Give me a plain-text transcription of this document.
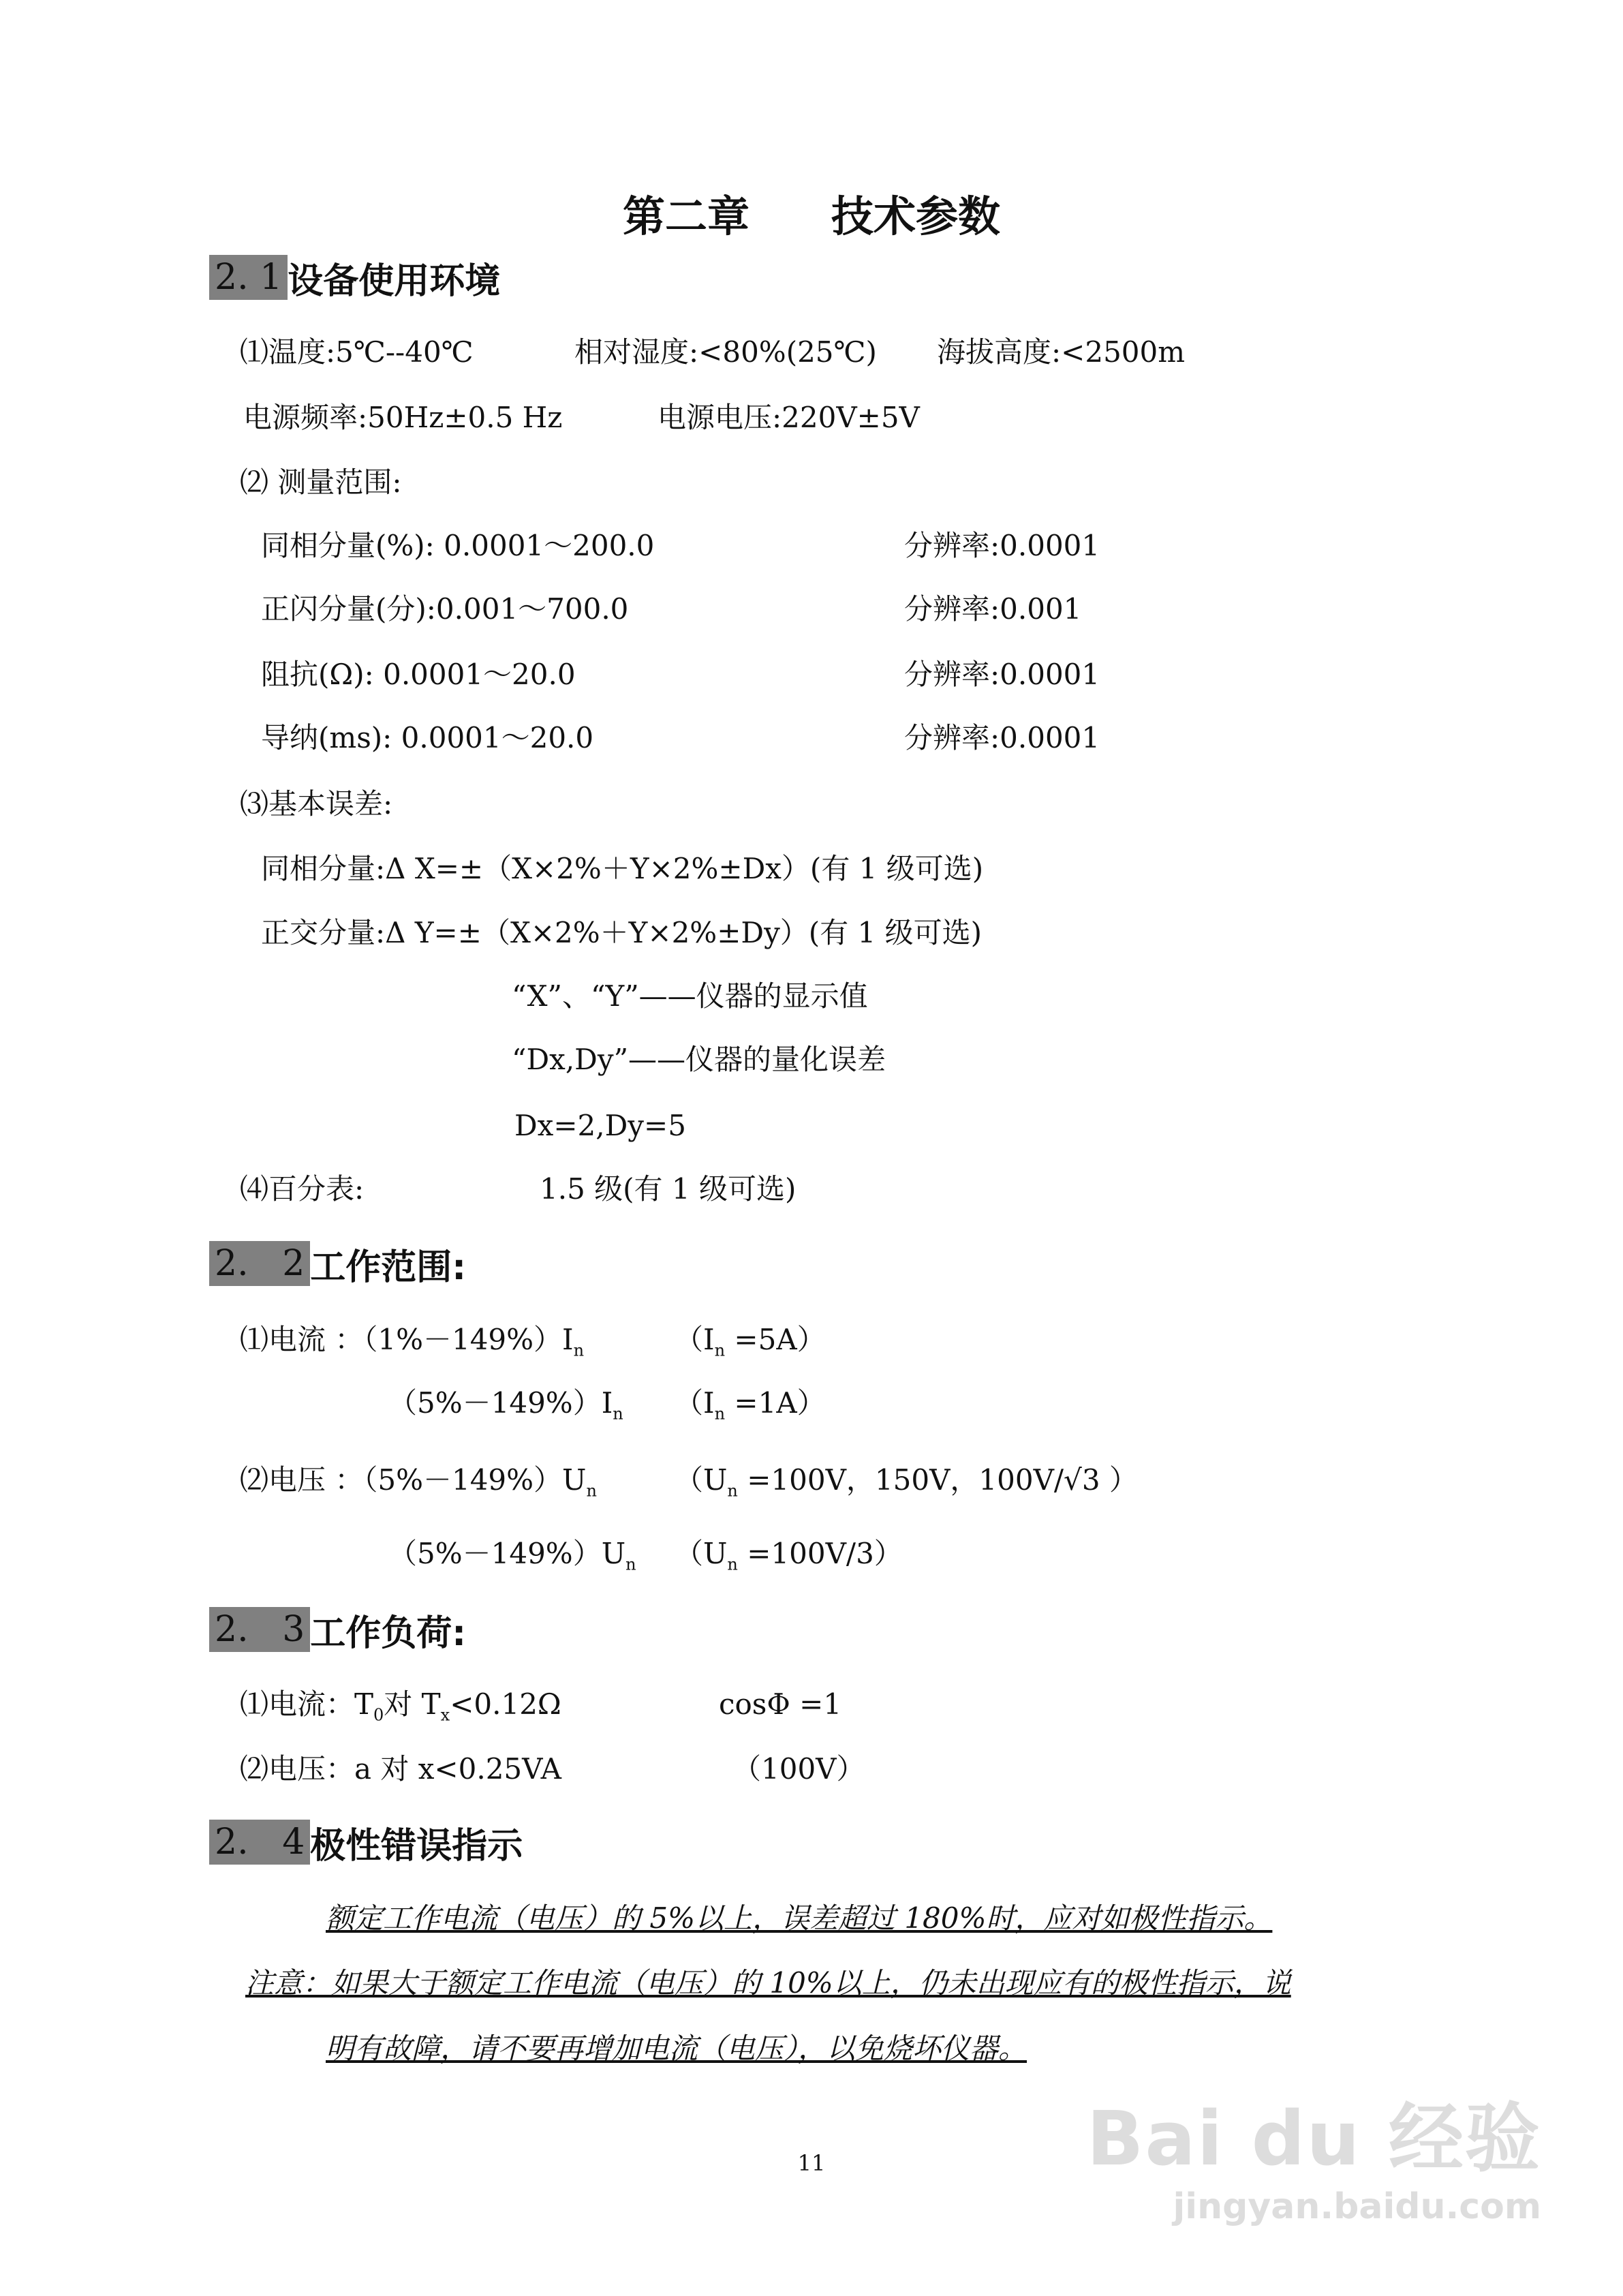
第二章 技术参数
2. 1 设备使用环境
⑴温度:5℃--40℃	相对湿度:<80%(25℃) 海拔高度:<2500m
电源频率:50Hz±0.5 Hz	电源电压:220V±5V
⑵ 测量范围:
同相分量(%): 0.0001～200.0	分辨率:0.0001
正闪分量(分):0.001～700.0	分辨率:0.001
阻抗(Ω): 0.0001～20.0	分辨率:0.0001
导纳(ms): 0.0001～20.0	分辨率:0.0001
⑶基本误差:
同相分量:Δ X=±（X×2%＋Y×2%±Dx）(有 1 级可选)
正交分量:Δ Y=±（X×2%＋Y×2%±Dy）(有 1 级可选)
“X”、“Y”——仪器的显示值
“Dx,Dy”——仪器的量化误差
Dx=2,Dy=5
⑷百分表:	1.5 级(有 1 级可选)
2.   2 工作范围:
⑴电流 ：$(1\%-149\%)I_n$	$(I_n =5A)$
$(5\%-149\%)I_n$ $(I_n =1A)$
⑵电压 ：$(5\%-149\%)U_n$	（$U_n =100V$，150V，100V/√3 ）
$(5\%-149\%)U_n$ $(U_n =100V/3)$
2.   3 工作负荷:
⑴电流：$T_0$对 $T_x<0.12\Omega$	cosΦ =1
⑵电压：a 对 x<0.25VA	（100V）
2.   4 极性错误指示
额定工作电流（电压）的 5%以上，误差超过 180%时，应对如极性指示。
注意：如果大于额定工作电流（电压）的 10%以上，仍未出现应有的极性指示，说
明有故障，请不要再增加电流（电压），以免烧坏仪器。
11	Bai du 经验
jingyan.baidu.com
